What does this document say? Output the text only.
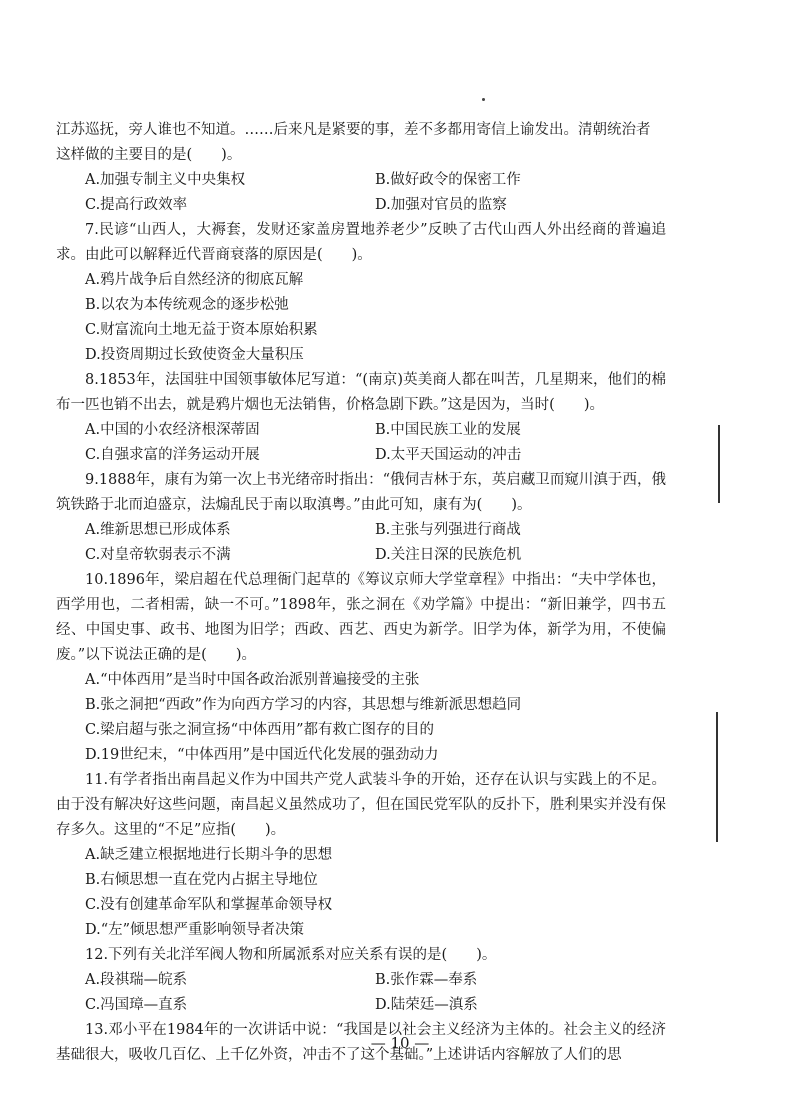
江苏巡抚，旁人谁也不知道。……后来凡是紧要的事，差不多都用寄信上谕发出。清朝统治者

这样做的主要目的是(　　)。

A.加强专制主义中央集权	B.做好政令的保密工作
C.提高行政效率	D.加强对官员的监察

7.民谚“山西人，大褥套，发财还家盖房置地养老少”反映了古代山西人外出经商的普遍追求。由此可以解释近代晋商衰落的原因是(　　)。

A.鸦片战争后自然经济的彻底瓦解

B.以农为本传统观念的逐步松弛

C.财富流向土地无益于资本原始积累

D.投资周期过长致使资金大量积压

8.1853年，法国驻中国领事敏体尼写道：“(南京)英美商人都在叫苦，几星期来，他们的棉布一匹也销不出去，就是鸦片烟也无法销售，价格急剧下跌。”这是因为，当时(　　)。

A.中国的小农经济根深蒂固	B.中国民族工业的发展
C.自强求富的洋务运动开展	D.太平天国运动的冲击

9.1888年，康有为第一次上书光绪帝时指出：“俄伺吉林于东，英启藏卫而窥川滇于西，俄筑铁路于北而迫盛京，法煽乱民于南以取滇粤。”由此可知，康有为(　　)。

A.维新思想已形成体系	B.主张与列强进行商战
C.对皇帝软弱表示不满	D.关注日深的民族危机

10.1896年，梁启超在代总理衙门起草的《筹议京师大学堂章程》中指出：“夫中学体也，西学用也，二者相需，缺一不可。”1898年，张之洞在《劝学篇》中提出：“新旧兼学，四书五经、中国史事、政书、地图为旧学；西政、西艺、西史为新学。旧学为体，新学为用，不使偏废。”以下说法正确的是(　　)。

A.“中体西用”是当时中国各政治派别普遍接受的主张

B.张之洞把“西政”作为向西方学习的内容，其思想与维新派思想趋同

C.梁启超与张之洞宣扬“中体西用”都有救亡图存的目的

D.19世纪末，“中体西用”是中国近代化发展的强劲动力

11.有学者指出南昌起义作为中国共产党人武装斗争的开始，还存在认识与实践上的不足。由于没有解决好这些问题，南昌起义虽然成功了，但在国民党军队的反扑下，胜利果实并没有保存多久。这里的“不足”应指(　　)。

A.缺乏建立根据地进行长期斗争的思想

B.右倾思想一直在党内占据主导地位

C.没有创建革命军队和掌握革命领导权

D.“左”倾思想严重影响领导者决策

12.下列有关北洋军阀人物和所属派系对应关系有误的是(　　)。

A.段祺瑞—皖系	B.张作霖—奉系
C.冯国璋—直系	D.陆荣廷—滇系

13.邓小平在1984年的一次讲话中说：“我国是以社会主义经济为主体的。社会主义的经济基础很大，吸收几百亿、上千亿外资，冲击不了这个基础。”上述讲话内容解放了人们的思

— 10 —
